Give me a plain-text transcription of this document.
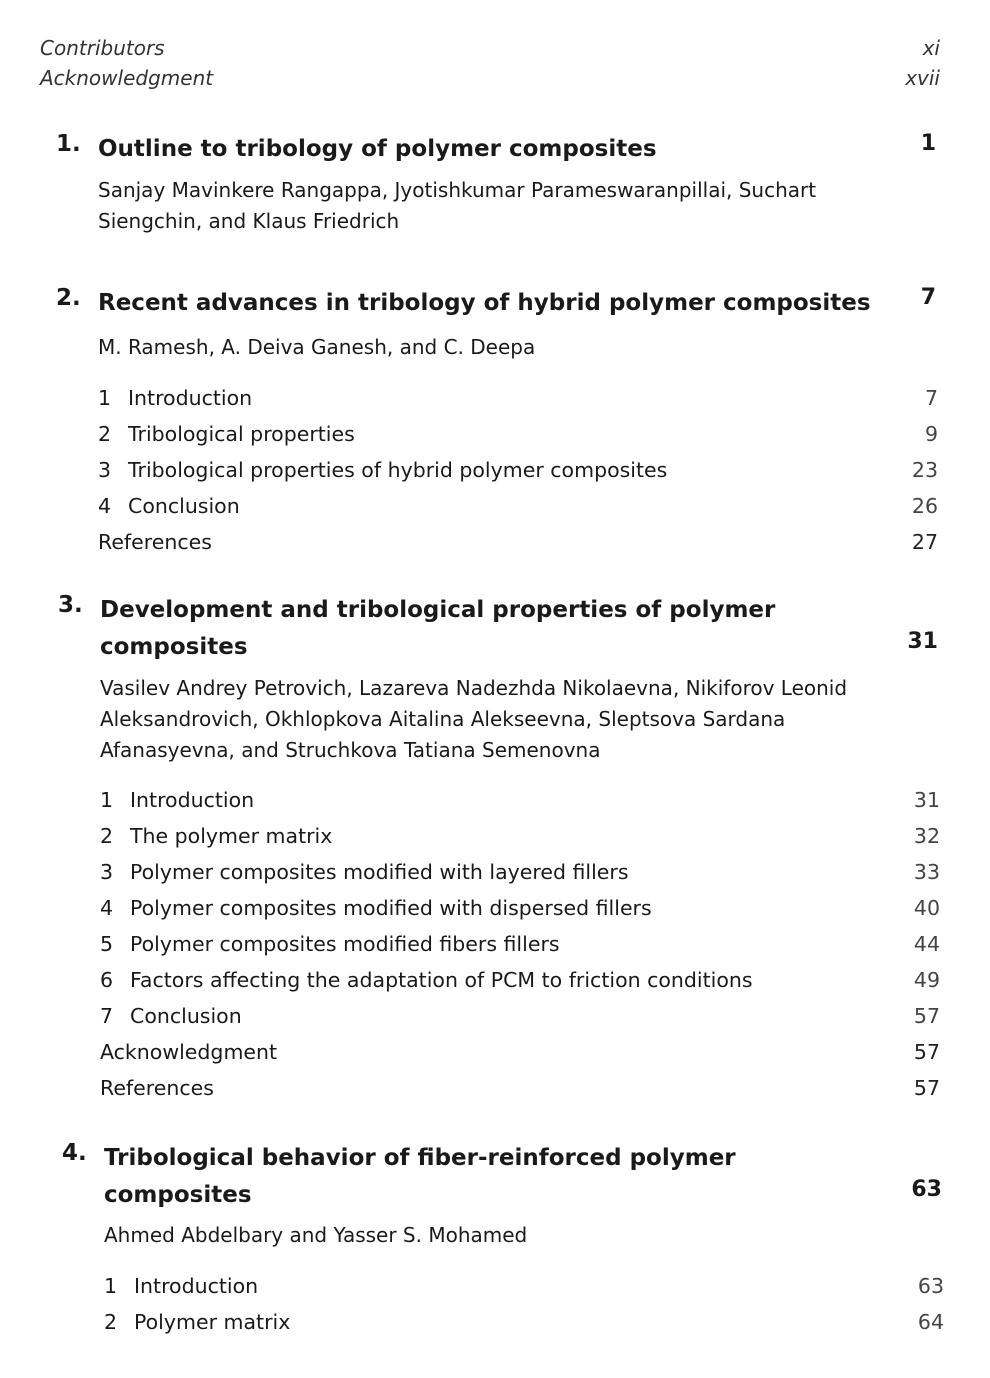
Contributors	xi
Acknowledgment	xvii
1. Outline to tribology of polymer composites	1
Sanjay Mavinkere Rangappa, Jyotishkumar Parameswaranpillai, Suchart Siengchin, and Klaus Friedrich
2. Recent advances in tribology of hybrid polymer composites	7
M. Ramesh, A. Deiva Ganesh, and C. Deepa
1 Introduction	7
2 Tribological properties	9
3 Tribological properties of hybrid polymer composites	23
4 Conclusion	26
References	27
3. Development and tribological properties of polymer composites	31
Vasilev Andrey Petrovich, Lazareva Nadezhda Nikolaevna, Nikiforov Leonid Aleksandrovich, Okhlopkova Aitalina Alekseevna, Sleptsova Sardana Afanasyevna, and Struchkova Tatiana Semenovna
1 Introduction	31
2 The polymer matrix	32
3 Polymer composites modified with layered fillers	33
4 Polymer composites modified with dispersed fillers	40
5 Polymer composites modified fibers fillers	44
6 Factors affecting the adaptation of PCM to friction conditions	49
7 Conclusion	57
Acknowledgment	57
References	57
4. Tribological behavior of fiber-reinforced polymer composites	63
Ahmed Abdelbary and Yasser S. Mohamed
1 Introduction	63
2 Polymer matrix	64
